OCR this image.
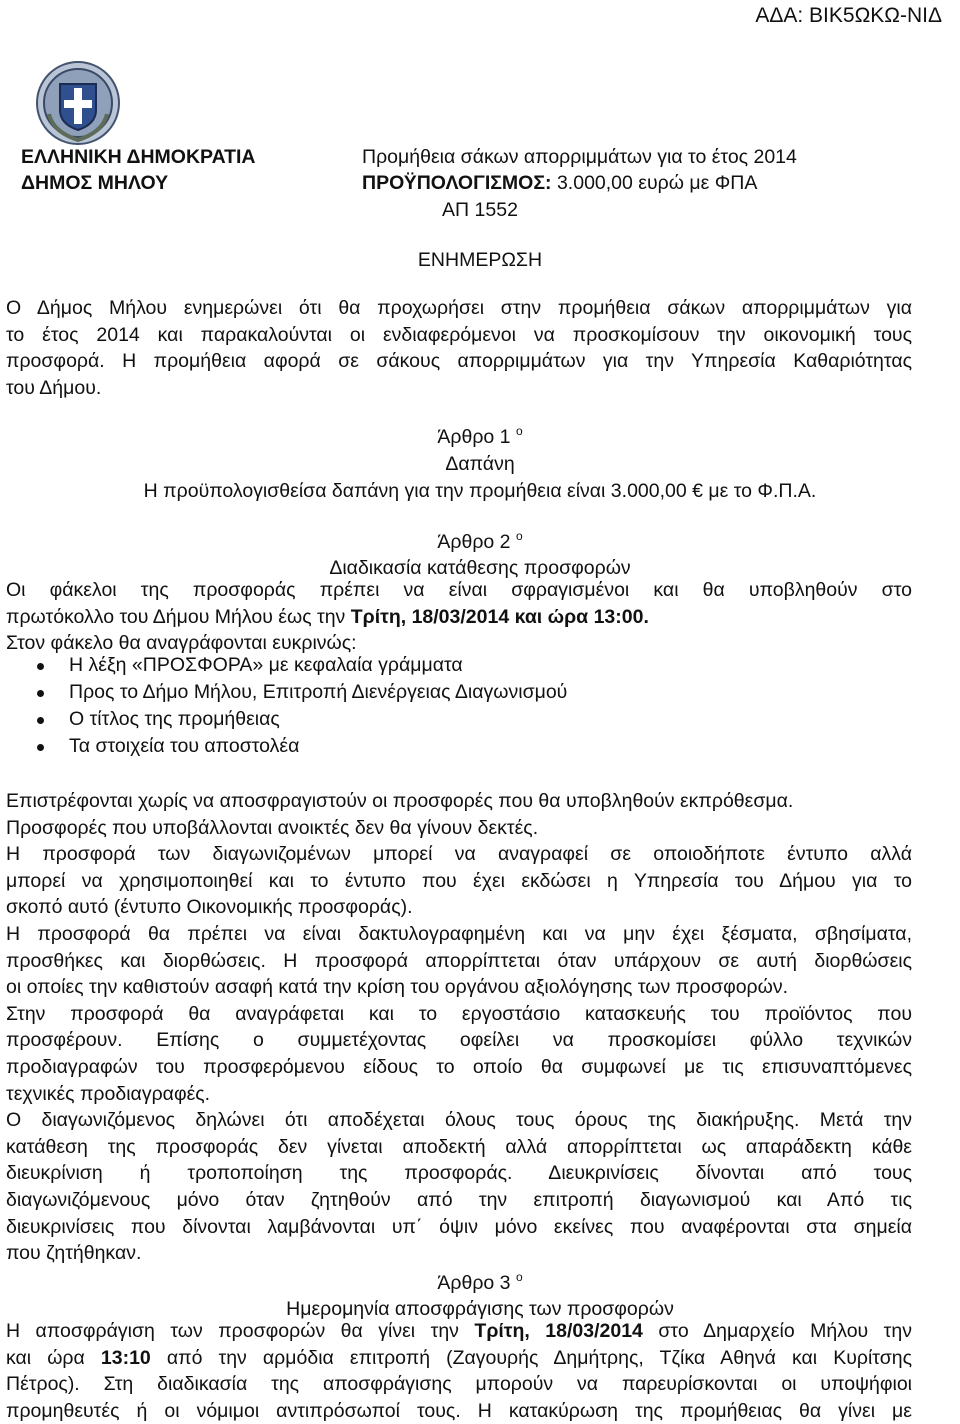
ΑΔΑ: ΒΙΚ5ΩΚΩ-ΝΙΔ
ΕΛΛΗΝΙΚΗ ΔΗΜΟΚΡΑΤΙΑ
ΔΗΜΟΣ ΜΗΛΟΥ
Προμήθεια σάκων απορριμμάτων για το έτος 2014
ΠΡΟΫΠΟΛΟΓΙΣΜΟΣ: 3.000,00 ευρώ με ΦΠΑ
ΑΠ 1552
ΕΝΗΜΕΡΩΣΗ
Ο Δήμος Μήλου ενημερώνει ότι θα προχωρήσει στην προμήθεια σάκων απορριμμάτων για
το έτος 2014 και παρακαλούνται οι ενδιαφερόμενοι να προσκομίσουν την οικονομική τους
προσφορά. Η προμήθεια αφορά σε σάκους απορριμμάτων για την Υπηρεσία Καθαριότητας
του Δήμου.
Άρθρο 1 $^o$
Δαπάνη
Η προϋπολογισθείσα δαπάνη για την προμήθεια είναι 3.000,00 € με το Φ.Π.Α.
Άρθρο 2 $^o$
Διαδικασία κατάθεσης προσφορών
Οι φάκελοι της προσφοράς πρέπει να είναι σφραγισμένοι και θα υποβληθούν στο
πρωτόκολλο του Δήμου Μήλου έως την Τρίτη, 18/03/2014 και ώρα 13:00.
Στον φάκελο θα αναγράφονται ευκρινώς:
Η λέξη «ΠΡΟΣΦΟΡΑ» με κεφαλαία γράμματα
Προς το Δήμο Μήλου, Επιτροπή Διενέργειας Διαγωνισμού
Ο τίτλος της προμήθειας
Τα στοιχεία του αποστολέα
Επιστρέφονται χωρίς να αποσφραγιστούν οι προσφορές που θα υποβληθούν εκπρόθεσμα.
Προσφορές που υποβάλλονται ανοικτές δεν θα γίνουν δεκτές.
Η προσφορά των διαγωνιζομένων μπορεί να αναγραφεί σε οποιοδήποτε έντυπο αλλά
μπορεί να χρησιμοποιηθεί και το έντυπο που έχει εκδώσει η Υπηρεσία του Δήμου για το
σκοπό αυτό (έντυπο Οικονομικής προσφοράς).
Η προσφορά θα πρέπει να είναι δακτυλογραφημένη και να μην έχει ξέσματα, σβησίματα,
προσθήκες και διορθώσεις. Η προσφορά απορρίπτεται όταν υπάρχουν σε αυτή διορθώσεις
οι οποίες την καθιστούν ασαφή κατά την κρίση του οργάνου αξιολόγησης των προσφορών.
Στην προσφορά θα αναγράφεται και το εργοστάσιο κατασκευής του προϊόντος που
προσφέρουν. Επίσης ο συμμετέχοντας οφείλει να προσκομίσει φύλλο τεχνικών
προδιαγραφών του προσφερόμενου είδους το οποίο θα συμφωνεί με τις επισυναπτόμενες
τεχνικές προδιαγραφές.
Ο διαγωνιζόμενος δηλώνει ότι αποδέχεται όλους τους όρους της διακήρυξης. Μετά την
κατάθεση της προσφοράς δεν γίνεται αποδεκτή αλλά απορρίπτεται ως απαράδεκτη κάθε
διευκρίνιση ή τροποποίηση της προσφοράς. Διευκρινίσεις δίνονται από τους
διαγωνιζόμενους μόνο όταν ζητηθούν από την επιτροπή διαγωνισμού και Από τις
διευκρινίσεις που δίνονται λαμβάνονται υπ΄ όψιν μόνο εκείνες που αναφέρονται στα σημεία
που ζητήθηκαν.
Άρθρο 3 $^o$
Ημερομηνία αποσφράγισης των προσφορών
Η αποσφράγιση των προσφορών θα γίνει την Τρίτη, 18/03/2014 στο Δημαρχείο Μήλου την
και ώρα 13:10 από την αρμόδια επιτροπή (Ζαγουρής Δημήτρης, Τζίκα Αθηνά και Κυρίτσης
Πέτρος). Στη διαδικασία της αποσφράγισης μπορούν να παρευρίσκονται οι υποψήφιοι
προμηθευτές ή οι νόμιμοι αντιπρόσωποί τους. Η κατακύρωση της προμήθειας θα γίνει με
